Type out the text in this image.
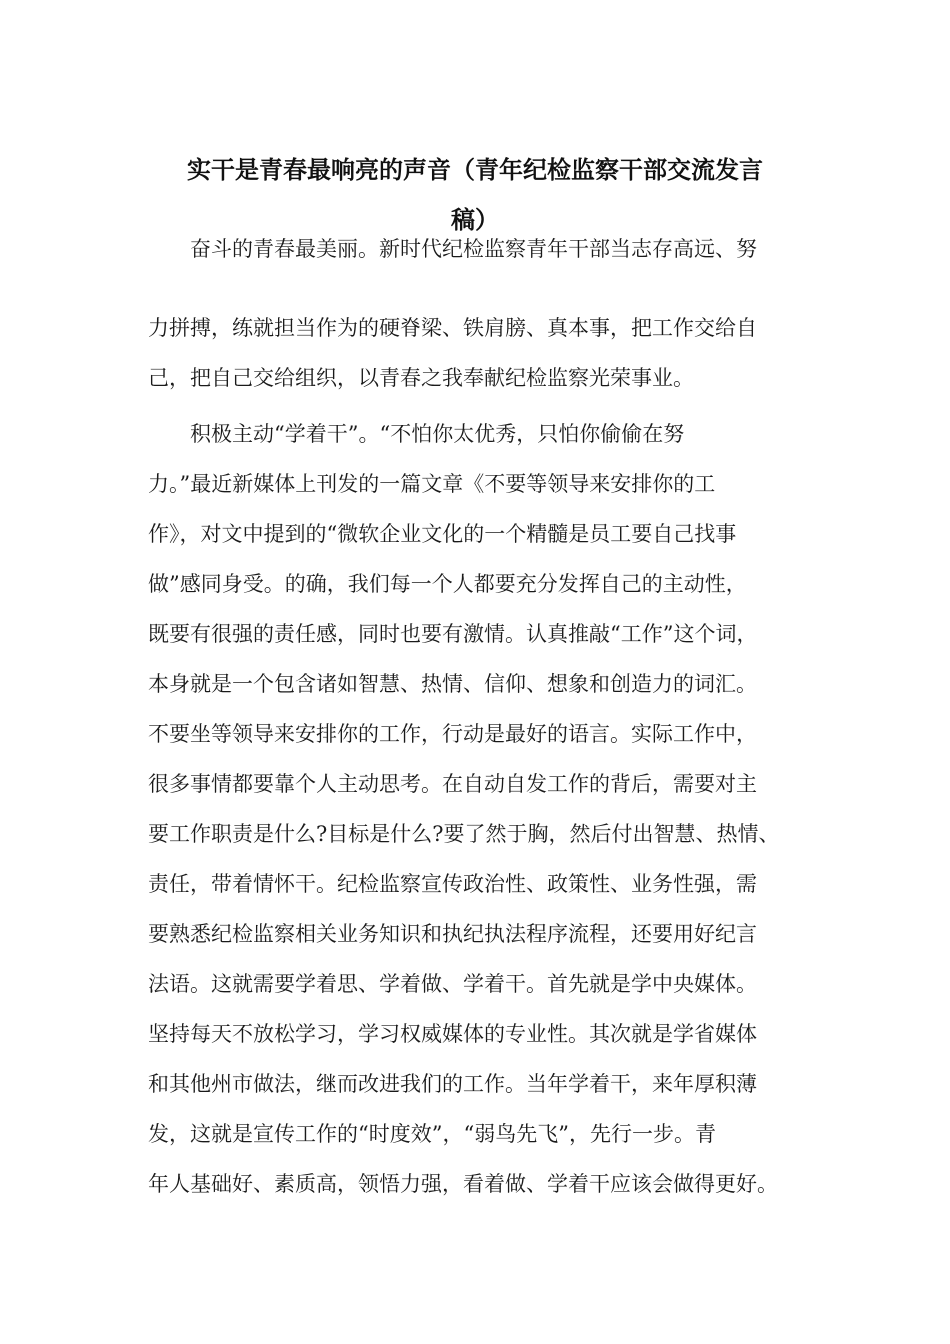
实干是青春最响亮的声音（青年纪检监察干部交流发言
稿）
奋斗的青春最美丽。新时代纪检监察青年干部当志存高远、努
力拼搏，练就担当作为的硬脊梁、铁肩膀、真本事，把工作交给自
己，把自己交给组织，以青春之我奉献纪检监察光荣事业。
积极主动“学着干”。“不怕你太优秀，只怕你偷偷在努
力。”最近新媒体上刊发的一篇文章《不要等领导来安排你的工
作》，对文中提到的“微软企业文化的一个精髓是员工要自己找事
做”感同身受。的确，我们每一个人都要充分发挥自己的主动性，
既要有很强的责任感，同时也要有激情。认真推敲“工作”这个词，
本身就是一个包含诸如智慧、热情、信仰、想象和创造力的词汇。
不要坐等领导来安排你的工作，行动是最好的语言。实际工作中，
很多事情都要靠个人主动思考。在自动自发工作的背后，需要对主
要工作职责是什么?目标是什么?要了然于胸，然后付出智慧、热情、
责任，带着情怀干。纪检监察宣传政治性、政策性、业务性强，需
要熟悉纪检监察相关业务知识和执纪执法程序流程，还要用好纪言
法语。这就需要学着思、学着做、学着干。首先就是学中央媒体。
坚持每天不放松学习，学习权威媒体的专业性。其次就是学省媒体
和其他州市做法，继而改进我们的工作。当年学着干，来年厚积薄
发，这就是宣传工作的“时度效”，“弱鸟先飞”，先行一步。青
年人基础好、素质高，领悟力强，看着做、学着干应该会做得更好。
